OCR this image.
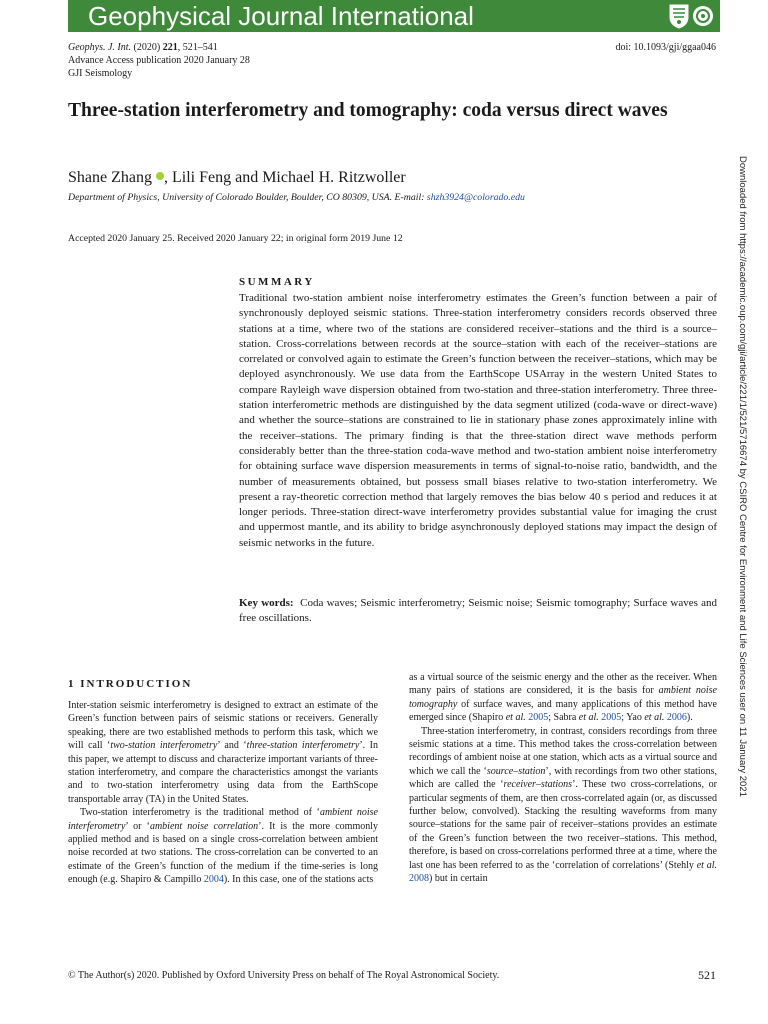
Geophysical Journal International
Geophys. J. Int. (2020) 221, 521–541
Advance Access publication 2020 January 28
GJI Seismology
doi: 10.1093/gji/ggaa046
Three-station interferometry and tomography: coda versus direct waves
Shane Zhang , Lili Feng and Michael H. Ritzwoller
Department of Physics, University of Colorado Boulder, Boulder, CO 80309, USA. E-mail: shzh3924@colorado.edu
Accepted 2020 January 25. Received 2020 January 22; in original form 2019 June 12
SUMMARY
Traditional two-station ambient noise interferometry estimates the Green’s function between a pair of synchronously deployed seismic stations. Three-station interferometry considers records observed three stations at a time, where two of the stations are considered receiver–stations and the third is a source–station. Cross-correlations between records at the source–station with each of the receiver–stations are correlated or convolved again to estimate the Green’s function between the receiver–stations, which may be deployed asynchronously. We use data from the EarthScope USArray in the western United States to compare Rayleigh wave dispersion obtained from two-station and three-station interferometry. Three three-station interferometric methods are distinguished by the data segment utilized (coda-wave or direct-wave) and whether the source–stations are constrained to lie in stationary phase zones approximately inline with the receiver–stations. The primary finding is that the three-station direct wave methods perform considerably better than the three-station coda-wave method and two-station ambient noise interferometry for obtaining surface wave dispersion measurements in terms of signal-to-noise ratio, bandwidth, and the number of measurements obtained, but possess small biases relative to two-station interferometry. We present a ray-theoretic correction method that largely removes the bias below 40 s period and reduces it at longer periods. Three-station direct-wave interferometry provides substantial value for imaging the crust and uppermost mantle, and its ability to bridge asynchronously deployed stations may impact the design of seismic networks in the future.
Key words: Coda waves; Seismic interferometry; Seismic noise; Seismic tomography; Surface waves and free oscillations.
1 INTRODUCTION

Inter-station seismic interferometry is designed to extract an estimate of the Green’s function between pairs of seismic stations or receivers. Generally speaking, there are two established methods to perform this task, which we will call ‘two-station interferometry’ and ‘three-station interferometry’. In this paper, we attempt to discuss and characterize important variants of three-station interferometry, and compare the characteristics amongst the variants and to two-station interferometry using data from the EarthScope transportable array (TA) in the United States.

Two-station interferometry is the traditional method of ‘ambient noise interferometry’ or ‘ambient noise correlation’. It is the more commonly applied method and is based on a single cross-correlation between ambient noise recorded at two stations. The cross-correlation can be converted to an estimate of the Green’s function of the medium if the time-series is long enough (e.g. Shapiro & Campillo 2004). In this case, one of the stations acts

as a virtual source of the seismic energy and the other as the receiver. When many pairs of stations are considered, it is the basis for ambient noise tomography of surface waves, and many applications of this method have emerged since (Shapiro et al. 2005; Sabra et al. 2005; Yao et al. 2006).

Three-station interferometry, in contrast, considers recordings from three seismic stations at a time. This method takes the cross-correlation between recordings of ambient noise at one station, which acts as a virtual source and which we call the ‘source–station’, with recordings from two other stations, which are called the ‘receiver–stations’. These two cross-correlations, or particular segments of them, are then cross-correlated again (or, as discussed further below, convolved). Stacking the resulting waveforms from many source–stations for the same pair of receiver–stations provides an estimate of the Green’s function between the two receiver–stations. This method, therefore, is based on cross-correlations performed three at a time, where the last one has been referred to as the ‘correlation of correlations’ (Stehly et al. 2008) but in certain

Downloaded from https://academic.oup.com/gji/article/221/1/521/5716674 by CSIRO Centre for Environment and Life Sciences user on 11 January 2021
© The Author(s) 2020. Published by Oxford University Press on behalf of The Royal Astronomical Society.	521
